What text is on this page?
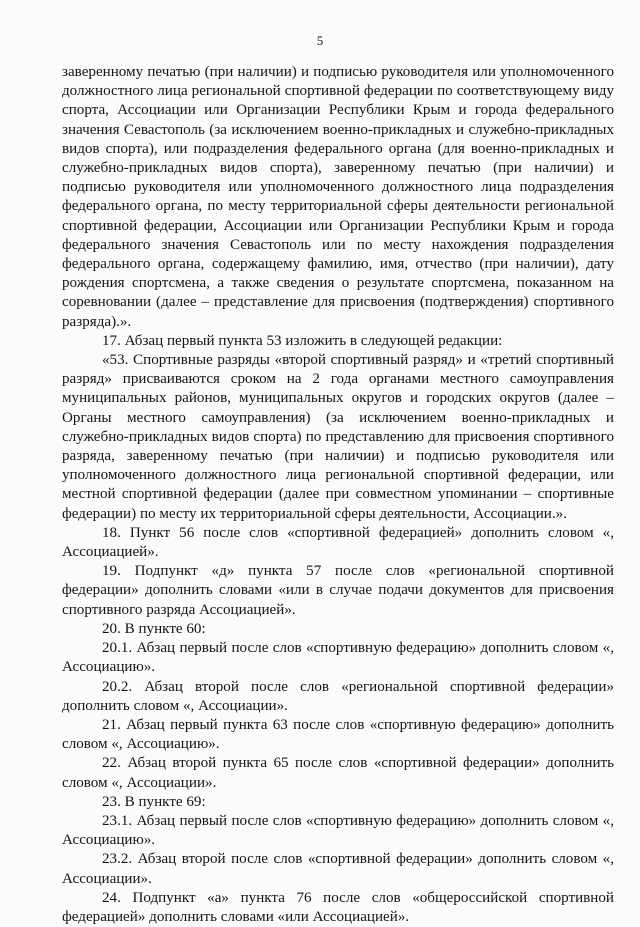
5

заверенному печатью (при наличии) и подписью руководителя или уполномоченного должностного лица региональной спортивной федерации по соответствующему виду спорта, Ассоциации или Организации Республики Крым и города федерального значения Севастополь (за исключением военно-прикладных и служебно-прикладных видов спорта), или подразделения федерального органа (для военно-прикладных и служебно-прикладных видов спорта), заверенному печатью (при наличии) и подписью руководителя или уполномоченного должностного лица подразделения федерального органа, по месту территориальной сферы деятельности региональной спортивной федерации, Ассоциации или Организации Республики Крым и города федерального значения Севастополь или по месту нахождения подразделения федерального органа, содержащему фамилию, имя, отчество (при наличии), дату рождения спортсмена, а также сведения о результате спортсмена, показанном на соревновании (далее – представление для присвоения (подтверждения) спортивного разряда).».

17. Абзац первый пункта 53 изложить в следующей редакции:

«53. Спортивные разряды «второй спортивный разряд» и «третий спортивный разряд» присваиваются сроком на 2 года органами местного самоуправления муниципальных районов, муниципальных округов и городских округов (далее – Органы местного самоуправления) (за исключением военно-прикладных и служебно-прикладных видов спорта) по представлению для присвоения спортивного разряда, заверенному печатью (при наличии) и подписью руководителя или уполномоченного должностного лица региональной спортивной федерации, или местной спортивной федерации (далее при совместном упоминании – спортивные федерации) по месту их территориальной сферы деятельности, Ассоциации.».

18. Пункт 56 после слов «спортивной федерацией» дополнить словом «, Ассоциацией».

19. Подпункт «д» пункта 57 после слов «региональной спортивной федерации» дополнить словами «или в случае подачи документов для присвоения спортивного разряда Ассоциацией».

20. В пункте 60:

20.1. Абзац первый после слов «спортивную федерацию» дополнить словом «, Ассоциацию».

20.2. Абзац второй после слов «региональной спортивной федерации» дополнить словом «, Ассоциации».

21. Абзац первый пункта 63 после слов «спортивную федерацию» дополнить словом «, Ассоциацию».

22. Абзац второй пункта 65 после слов «спортивной федерации» дополнить словом «, Ассоциации».

23. В пункте 69:

23.1. Абзац первый после слов «спортивную федерацию» дополнить словом «, Ассоциацию».

23.2. Абзац второй после слов «спортивной федерации» дополнить словом «, Ассоциации».

24. Подпункт «а» пункта 76 после слов «общероссийской спортивной федерацией» дополнить словами «или Ассоциацией».
